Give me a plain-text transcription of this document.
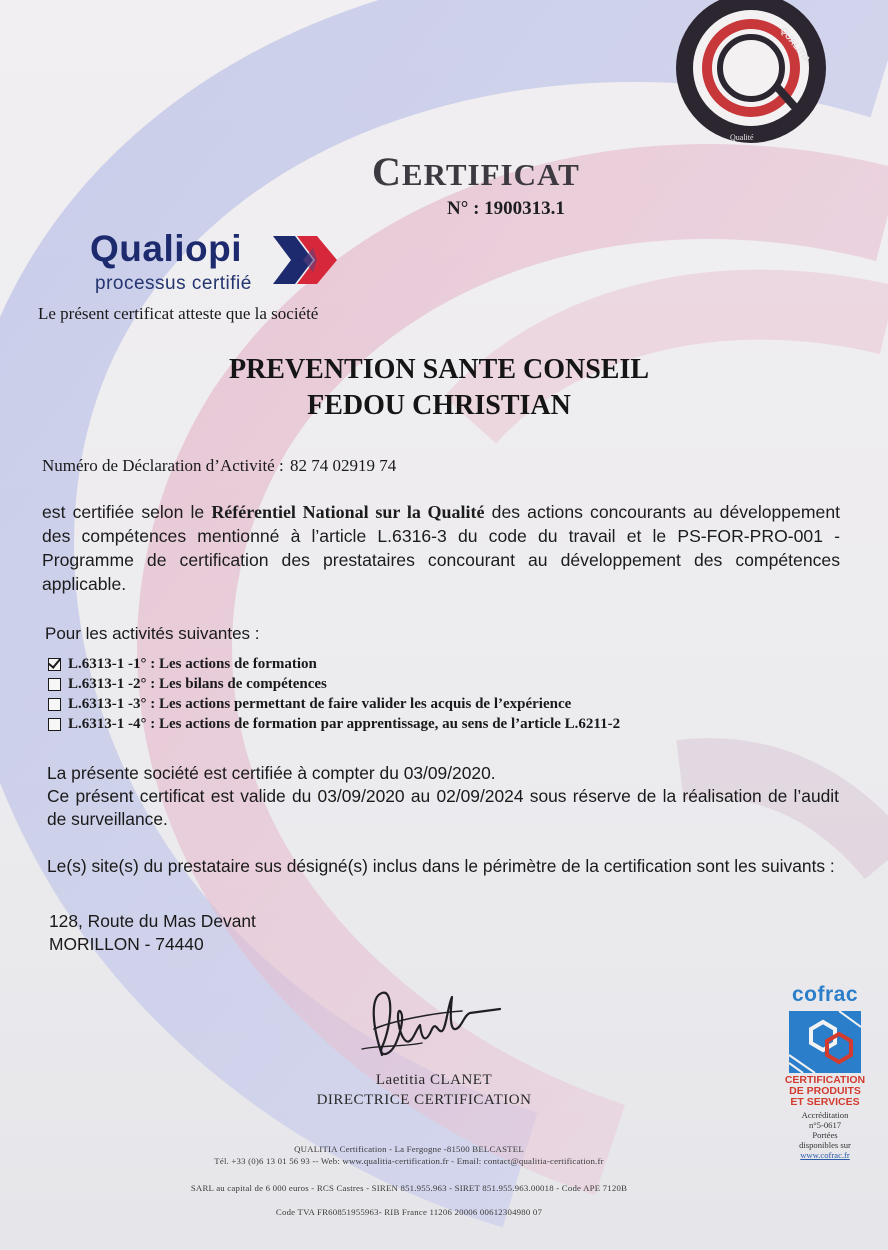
QUALITIA
Qualité
CERTIFICAT
N° : 1900313.1
Qualiopi
processus certifié
Le présent certificat atteste que la société
PREVENTION SANTE CONSEIL
FEDOU CHRISTIAN
Numéro de Déclaration d’Activité : 82 74 02919 74
est certifiée selon le Référentiel National sur la Qualité des actions concourants au développement des compétences mentionné à l’article L.6316-3 du code du travail et le PS-FOR-PRO-001 - Programme de certification des prestataires concourant au développement des compétences applicable.
Pour les activités suivantes :
L.6313-1 -1° : Les actions de formation
L.6313-1 -2° : Les bilans de compétences
L.6313-1 -3° : Les actions permettant de faire valider les acquis de l’expérience
L.6313-1 -4° : Les actions de formation par apprentissage, au sens de l’article L.6211-2

La présente société est certifiée à compter du 03/09/2020.

Ce présent certificat est valide du 03/09/2020 au 02/09/2024 sous réserve de la réalisation de l’audit de surveillance.

Le(s) site(s) du prestataire sus désigné(s) inclus dans le périmètre de la certification sont les suivants :

128, Route du Mas Devant
MORILLON - 74440
Laetitia CLANET
DIRECTRICE CERTIFICATION
cofrac
CERTIFICATION
DE PRODUITS
ET SERVICES
Accréditation
n°5-0617
Portées
disponibles sur
www.cofrac.fr
QUALITIA Certification - La Fergogne -81500 BELCASTEL
Tél. +33 (0)6 13 01 56 93 -- Web: www.qualitia-certification.fr - Email: contact@qualitia-certification.fr
SARL au capital de 6 000 euros - RCS Castres - SIREN 851.955.963 - SIRET 851.955.963.00018 - Code APE 7120B
Code TVA FR60851955963- RIB France 11206 20006 00612304980 07
